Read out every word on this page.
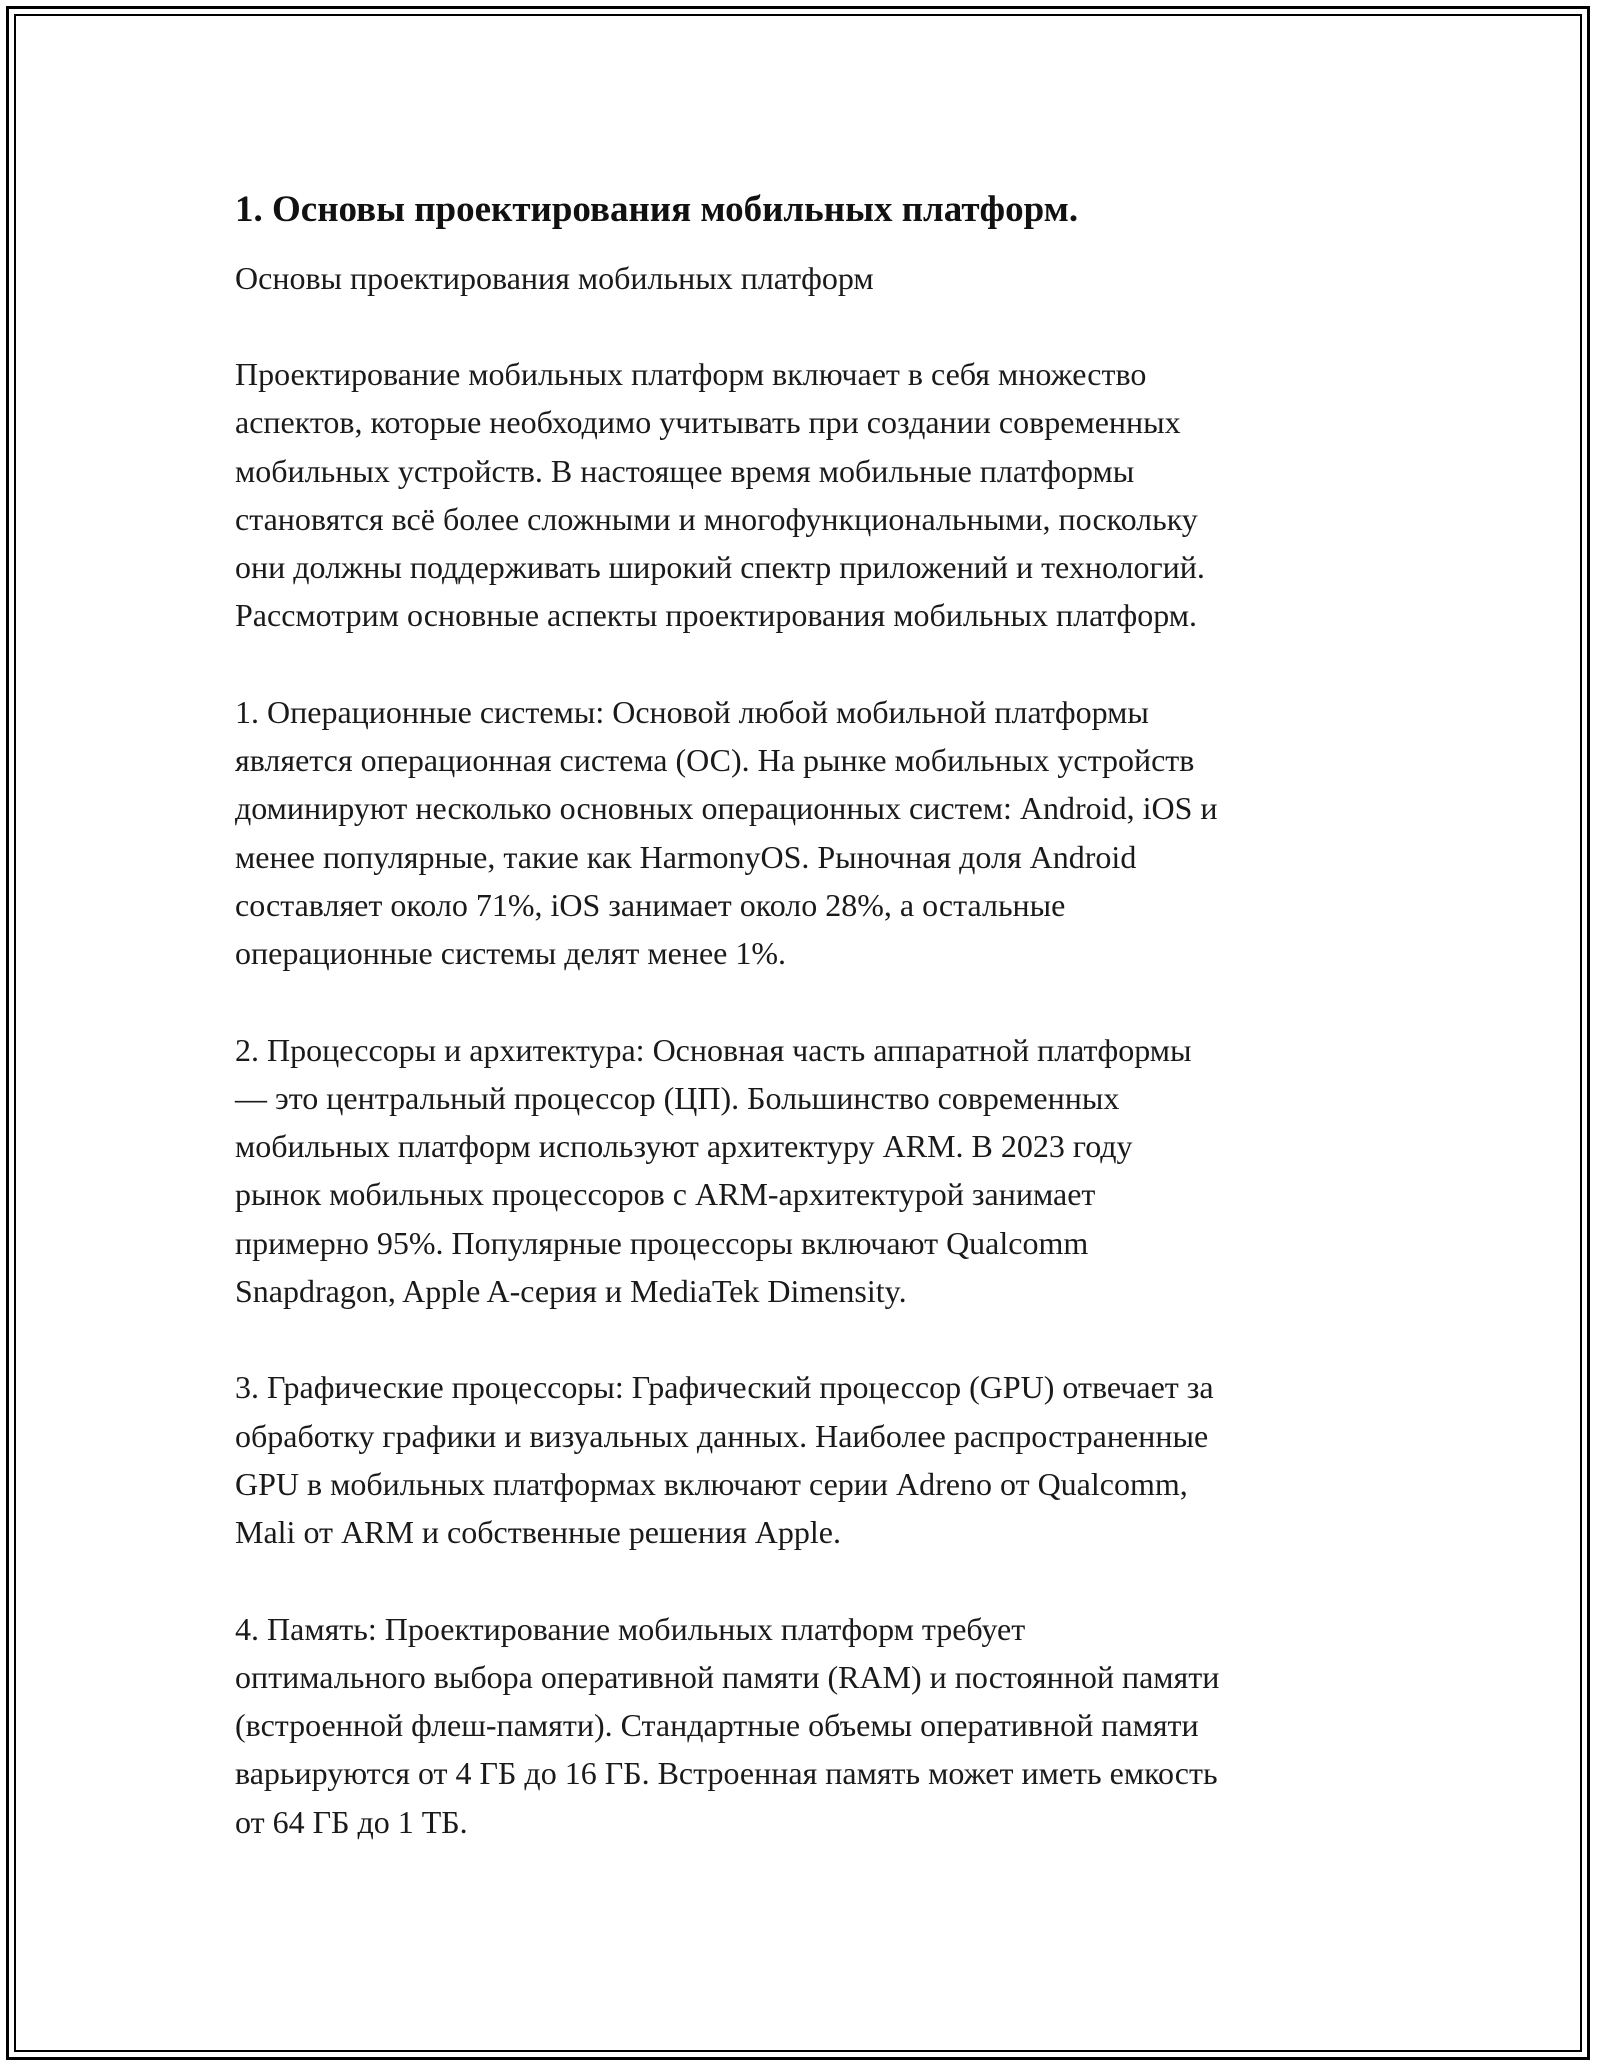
1. Основы проектирования мобильных платформ.

Основы проектирования мобильных платформ

Проектирование мобильных платформ включает в себя множество
аспектов, которые необходимо учитывать при создании современных
мобильных устройств. В настоящее время мобильные платформы
становятся всё более сложными и многофункциональными, поскольку
они должны поддерживать широкий спектр приложений и технологий.
Рассмотрим основные аспекты проектирования мобильных платформ.

1. Операционные системы: Основой любой мобильной платформы
является операционная система (ОС). На рынке мобильных устройств
доминируют несколько основных операционных систем: Android, iOS и
менее популярные, такие как HarmonyOS. Рыночная доля Android
составляет около 71%, iOS занимает около 28%, а остальные
операционные системы делят менее 1%.

2. Процессоры и архитектура: Основная часть аппаратной платформы
— это центральный процессор (ЦП). Большинство современных
мобильных платформ используют архитектуру ARM. В 2023 году
рынок мобильных процессоров с ARM-архитектурой занимает
примерно 95%. Популярные процессоры включают Qualcomm
Snapdragon, Apple A-серия и MediaTek Dimensity.

3. Графические процессоры: Графический процессор (GPU) отвечает за
обработку графики и визуальных данных. Наиболее распространенные
GPU в мобильных платформах включают серии Adreno от Qualcomm,
Mali от ARM и собственные решения Apple.

4. Память: Проектирование мобильных платформ требует
оптимального выбора оперативной памяти (RAM) и постоянной памяти
(встроенной флеш-памяти). Стандартные объемы оперативной памяти
варьируются от 4 ГБ до 16 ГБ. Встроенная память может иметь емкость
от 64 ГБ до 1 ТБ.
